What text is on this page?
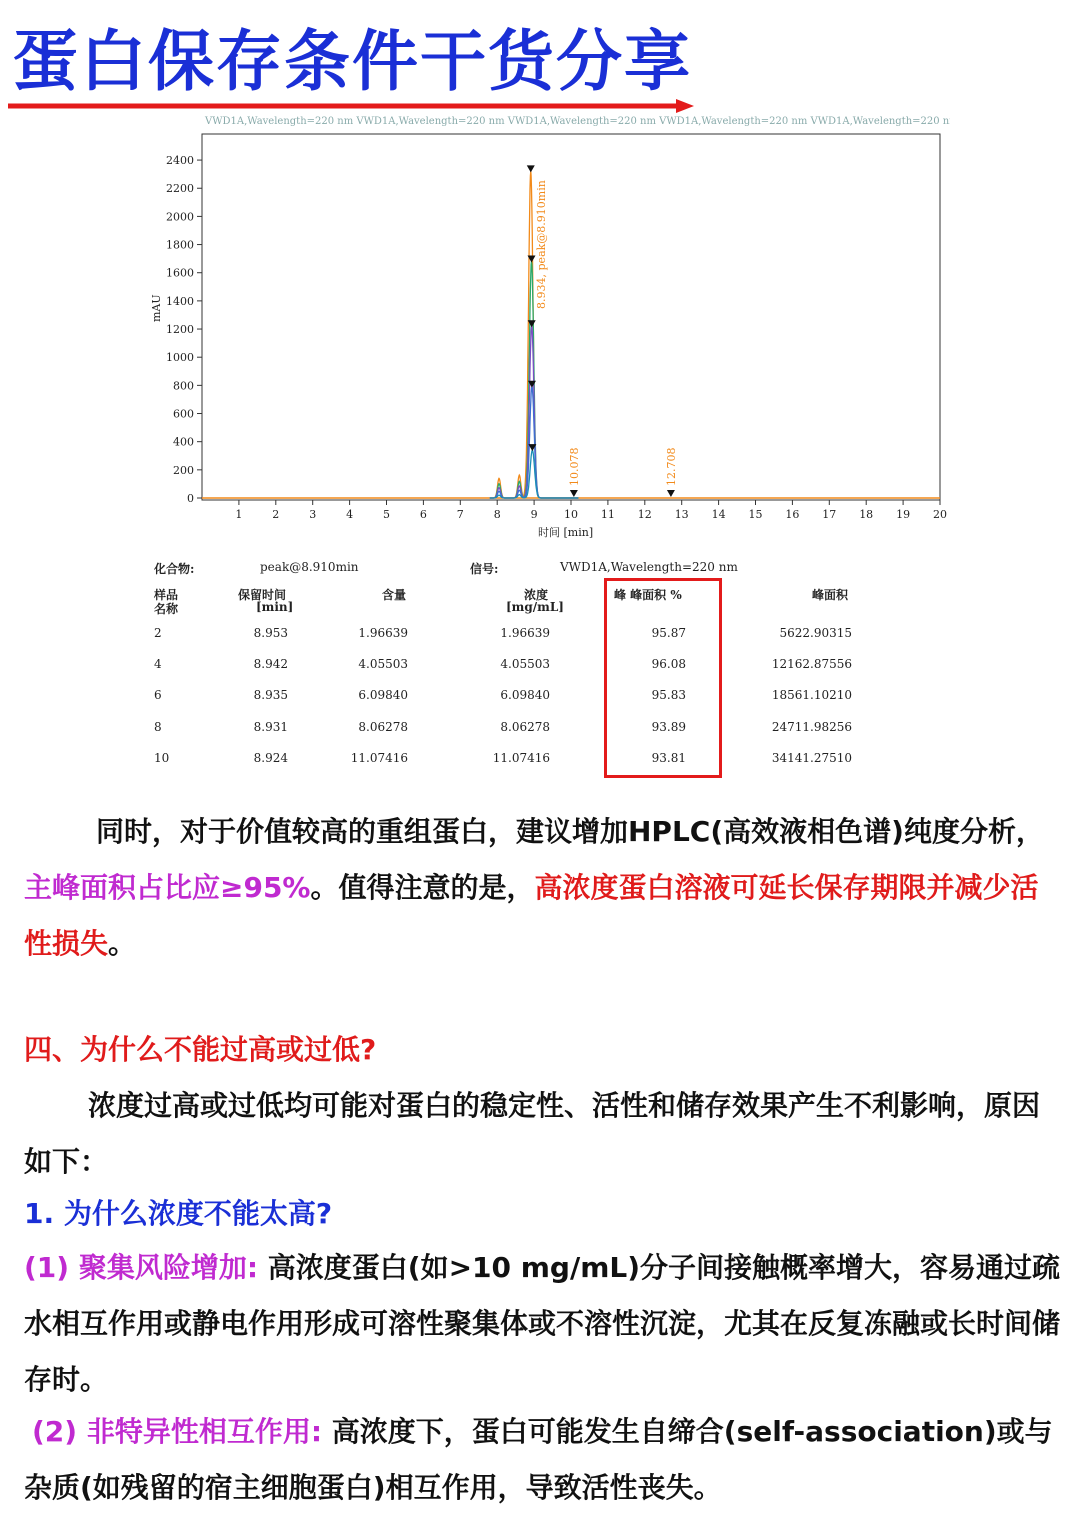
蛋白保存条件干货分享
VWD1A,Wavelength=220 nm VWD1A,Wavelength=220 nm VWD1A,Wavelength=220 nm VWD1A,Wavelength=220 nm VWD1A,Wavelength=220 nm
mAU
时间 [min]
1	2	3	4	5	6	7	8	9 10 11 12 13 14 15 16 17 18 19 20
0
200
400
600
800
1000
1200
1400
1600
1800
2000
2200
2400
8.934, peak@8.910min
10.078	12.708
化合物:	peak@8.910min	信号:	VWD1A,Wavelength=220 nm
样品
名称
保留时间
[min]
含量	浓度
[mg/mL]
峰 峰面积 %	峰面积
2	8.953	1.96639	1.96639	95.87	5622.90315
4	8.942	4.05503	4.05503	96.08	12162.87556
6	8.935	6.09840	6.09840	95.83	18561.10210
8	8.931	8.06278	8.06278	93.89	24711.98256
10	8.924	11.07416	11.07416	93.81	34141.27510
同时，对于价值较高的重组蛋白，建议增加HPLC(高效液相色谱)纯度分析，主峰面积占比应≥95%。值得注意的是，高浓度蛋白溶液可延长保存期限并减少活性损失。
四、为什么不能过高或过低?
浓度过高或过低均可能对蛋白的稳定性、活性和储存效果产生不利影响，原因如下：
1. 为什么浓度不能太高?
(1) 聚集风险增加: 高浓度蛋白(如>10 mg/mL)分子间接触概率增大，容易通过疏水相互作用或静电作用形成可溶性聚集体或不溶性沉淀，尤其在反复冻融或长时间储存时。
(2) 非特异性相互作用: 高浓度下，蛋白可能发生自缔合(self-association)或与杂质(如残留的宿主细胞蛋白)相互作用，导致活性丧失。
